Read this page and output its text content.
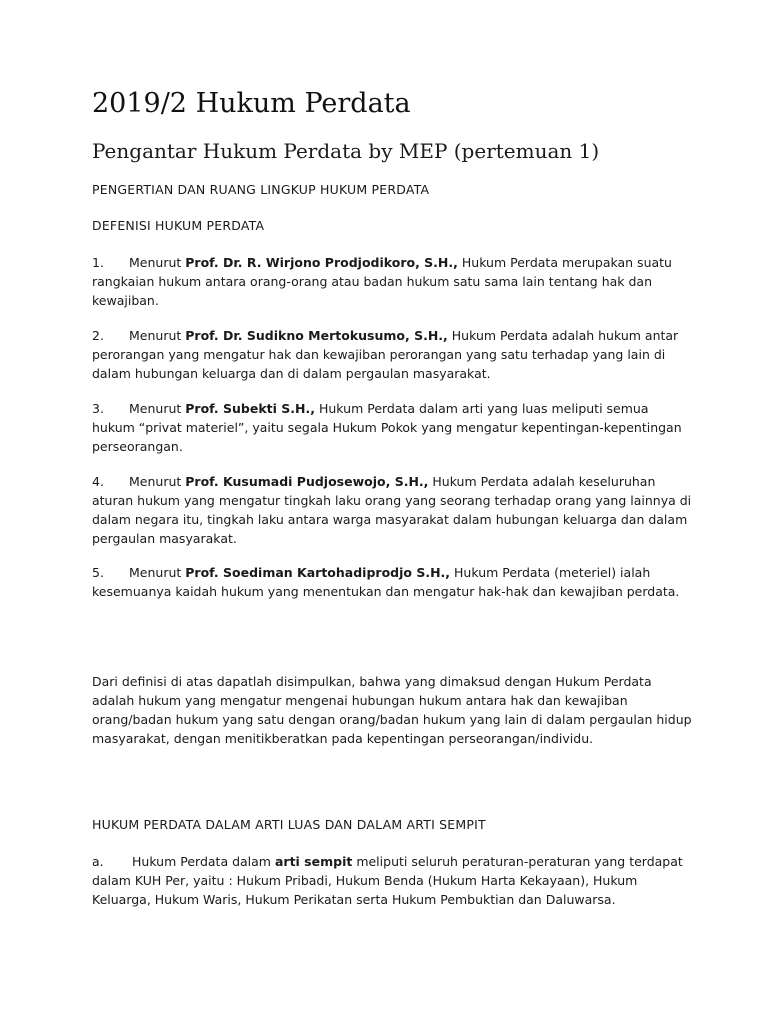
2019/2 Hukum Perdata
Pengantar Hukum Perdata by MEP (pertemuan 1)

PENGERTIAN DAN RUANG LINGKUP HUKUM PERDATA

DEFENISI HUKUM PERDATA

1. Menurut Prof. Dr. R. Wirjono Prodjodikoro, S.H., Hukum Perdata merupakan suatu rangkaian hukum antara orang-orang atau badan hukum satu sama lain tentang hak dan kewajiban.

2. Menurut Prof. Dr. Sudikno Mertokusumo, S.H., Hukum Perdata adalah hukum antar perorangan yang mengatur hak dan kewajiban perorangan yang satu terhadap yang lain di dalam hubungan keluarga dan di dalam pergaulan masyarakat.

3. Menurut Prof. Subekti S.H., Hukum Perdata dalam arti yang luas meliputi semua hukum “privat materiel”, yaitu segala Hukum Pokok yang mengatur kepentingan-kepentingan perseorangan.

4. Menurut Prof. Kusumadi Pudjosewojo, S.H., Hukum Perdata adalah keseluruhan aturan hukum yang mengatur tingkah laku orang yang seorang terhadap orang yang lainnya di dalam negara itu, tingkah laku antara warga masyarakat dalam hubungan keluarga dan dalam pergaulan masyarakat.

5. Menurut Prof. Soediman Kartohadiprodjo S.H., Hukum Perdata (meteriel) ialah kesemuanya kaidah hukum yang menentukan dan mengatur hak-hak dan kewajiban perdata.

Dari definisi di atas dapatlah disimpulkan, bahwa yang dimaksud dengan Hukum Perdata adalah hukum yang mengatur mengenai hubungan hukum antara hak dan kewajiban orang/badan hukum yang satu dengan orang/badan hukum yang lain di dalam pergaulan hidup masyarakat, dengan menitikberatkan pada kepentingan perseorangan/individu.

HUKUM PERDATA DALAM ARTI LUAS DAN DALAM ARTI SEMPIT

a. Hukum Perdata dalam arti sempit meliputi seluruh peraturan-peraturan yang terdapat dalam KUH Per, yaitu : Hukum Pribadi, Hukum Benda (Hukum Harta Kekayaan), Hukum Keluarga, Hukum Waris, Hukum Perikatan serta Hukum Pembuktian dan Daluwarsa.
